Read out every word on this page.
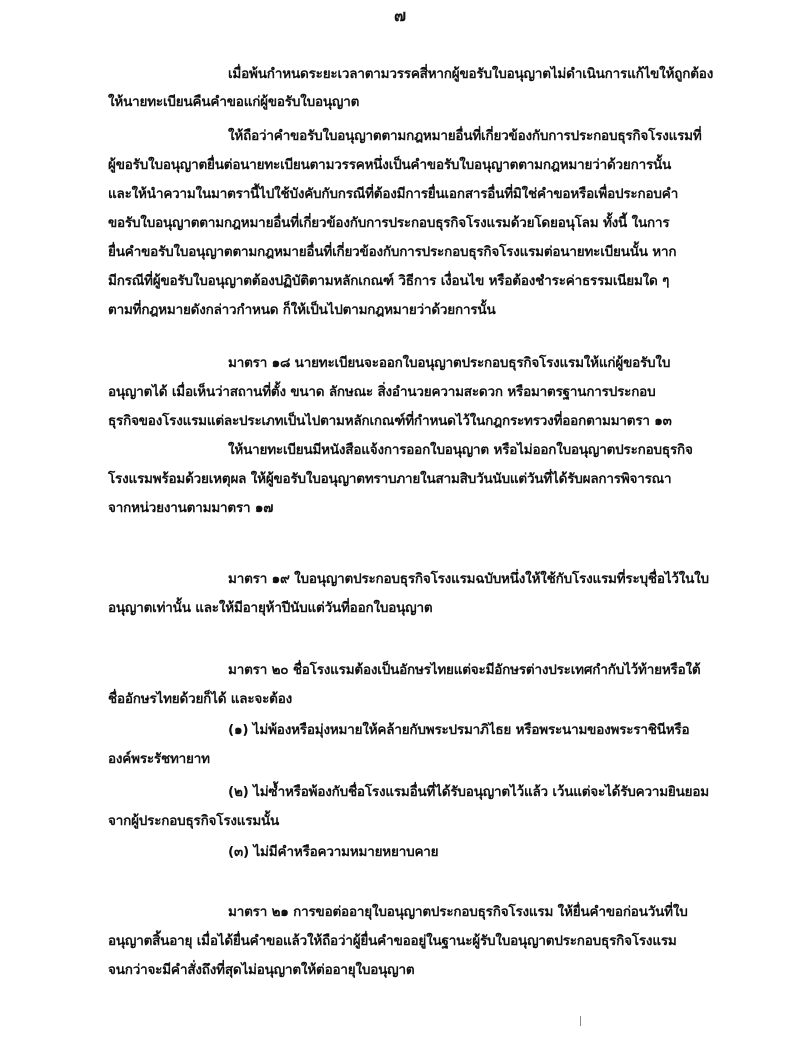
๗
เมื่อพ้นกำหนดระยะเวลาตามวรรคสี่หากผู้ขอรับใบอนุญาตไม่ดำเนินการแก้ไขให้ถูกต้อง
ให้นายทะเบียนคืนคำขอแก่ผู้ขอรับใบอนุญาต
ให้ถือว่าคำขอรับใบอนุญาตตามกฎหมายอื่นที่เกี่ยวข้องกับการประกอบธุรกิจโรงแรมที่
ผู้ขอรับใบอนุญาตยื่นต่อนายทะเบียนตามวรรคหนึ่งเป็นคำขอรับใบอนุญาตตามกฎหมายว่าด้วยการนั้น
และให้นำความในมาตรานี้ไปใช้บังคับกับกรณีที่ต้องมีการยื่นเอกสารอื่นที่มิใช่คำขอหรือเพื่อประกอบคำ
ขอรับใบอนุญาตตามกฎหมายอื่นที่เกี่ยวข้องกับการประกอบธุรกิจโรงแรมด้วยโดยอนุโลม ทั้งนี้ ในการ
ยื่นคำขอรับใบอนุญาตตามกฎหมายอื่นที่เกี่ยวข้องกับการประกอบธุรกิจโรงแรมต่อนายทะเบียนนั้น หาก
มีกรณีที่ผู้ขอรับใบอนุญาตต้องปฏิบัติตามหลักเกณฑ์ วิธีการ เงื่อนไข หรือต้องชำระค่าธรรมเนียมใด ๆ
ตามที่กฎหมายดังกล่าวกำหนด ก็ให้เป็นไปตามกฎหมายว่าด้วยการนั้น
มาตรา ๑๘ นายทะเบียนจะออกใบอนุญาตประกอบธุรกิจโรงแรมให้แก่ผู้ขอรับใบ
อนุญาตได้ เมื่อเห็นว่าสถานที่ตั้ง ขนาด ลักษณะ สิ่งอำนวยความสะดวก หรือมาตรฐานการประกอบ
ธุรกิจของโรงแรมแต่ละประเภทเป็นไปตามหลักเกณฑ์ที่กำหนดไว้ในกฎกระทรวงที่ออกตามมาตรา ๑๓
ให้นายทะเบียนมีหนังสือแจ้งการออกใบอนุญาต หรือไม่ออกใบอนุญาตประกอบธุรกิจ
โรงแรมพร้อมด้วยเหตุผล ให้ผู้ขอรับใบอนุญาตทราบภายในสามสิบวันนับแต่วันที่ได้รับผลการพิจารณา
จากหน่วยงานตามมาตรา ๑๗
มาตรา ๑๙ ใบอนุญาตประกอบธุรกิจโรงแรมฉบับหนึ่งให้ใช้กับโรงแรมที่ระบุชื่อไว้ในใบ
อนุญาตเท่านั้น และให้มีอายุห้าปีนับแต่วันที่ออกใบอนุญาต
มาตรา ๒๐ ชื่อโรงแรมต้องเป็นอักษรไทยแต่จะมีอักษรต่างประเทศกำกับไว้ท้ายหรือใต้
ชื่ออักษรไทยด้วยก็ได้ และจะต้อง
(๑) ไม่พ้องหรือมุ่งหมายให้คล้ายกับพระปรมาภิไธย หรือพระนามของพระราชินีหรือ
องค์พระรัชทายาท
(๒) ไม่ซ้ำหรือพ้องกับชื่อโรงแรมอื่นที่ได้รับอนุญาตไว้แล้ว เว้นแต่จะได้รับความยินยอม
จากผู้ประกอบธุรกิจโรงแรมนั้น
(๓) ไม่มีคำหรือความหมายหยาบคาย
มาตรา ๒๑ การขอต่ออายุใบอนุญาตประกอบธุรกิจโรงแรม ให้ยื่นคำขอก่อนวันที่ใบ
อนุญาตสิ้นอายุ เมื่อได้ยื่นคำขอแล้วให้ถือว่าผู้ยื่นคำขออยู่ในฐานะผู้รับใบอนุญาตประกอบธุรกิจโรงแรม
จนกว่าจะมีคำสั่งถึงที่สุดไม่อนุญาตให้ต่ออายุใบอนุญาต
